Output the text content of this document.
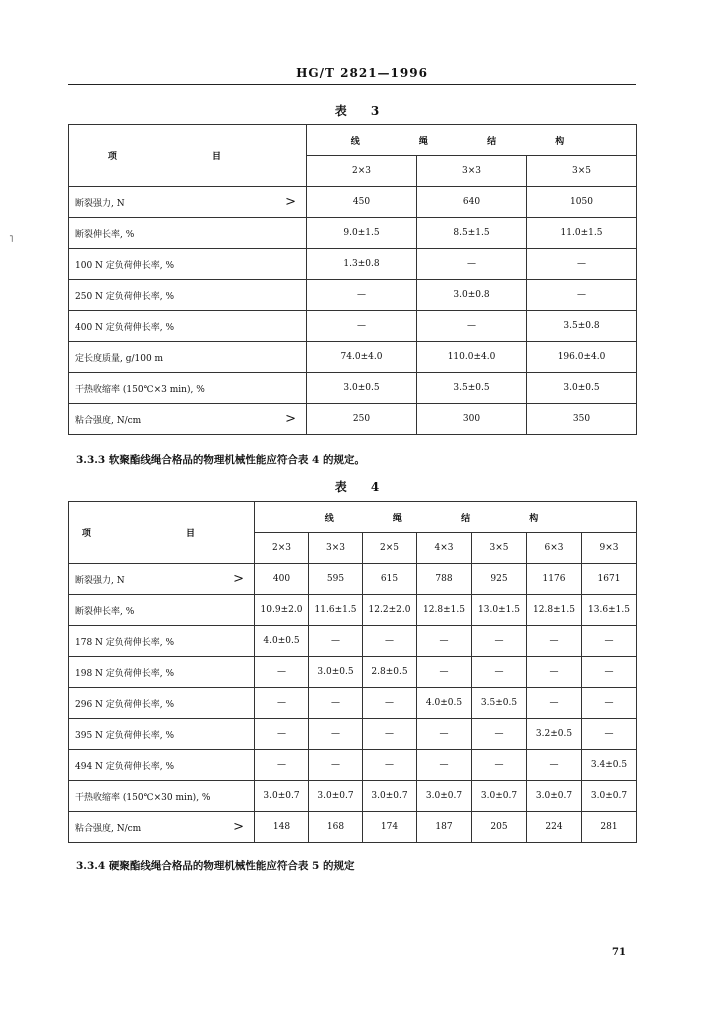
HG/T 2821—1996
˥
表 3
项 目	线 绳 结 构		
	2×3	3×3	3×5
断裂强力, N >	450	640	1050
断裂伸长率, %	9.0±1.5	8.5±1.5	11.0±1.5
100 N 定负荷伸长率, %	1.3±0.8	—	—
250 N 定负荷伸长率, %	—	3.0±0.8	—
400 N 定负荷伸长率, %	—	—	3.5±0.8
定长度质量, g/100 m	74.0±4.0	110.0±4.0	196.0±4.0
干热收缩率 (150℃×3 min), %	3.0±0.5	3.5±0.5	3.0±0.5
粘合强度, N/cm >	250	300	350
3.3.3 软聚酯线绳合格品的物理机械性能应符合表 4 的规定。
表 4
项 目	线 绳 结 构						
	2×3	3×3	2×5	4×3	3×5	6×3	9×3
断裂强力, N >	400	595	615	788	925	1176	1671
断裂伸长率, %	10.9±2.0	11.6±1.5	12.2±2.0	12.8±1.5	13.0±1.5	12.8±1.5	13.6±1.5
178 N 定负荷伸长率, %	4.0±0.5	—	—	—	—	—	—
198 N 定负荷伸长率, %	—	3.0±0.5	2.8±0.5	—	—	—	—
296 N 定负荷伸长率, %	—	—	—	4.0±0.5	3.5±0.5	—	—
395 N 定负荷伸长率, %	—	—	—	—	—	3.2±0.5	—
494 N 定负荷伸长率, %	—	—	—	—	—	—	3.4±0.5
干热收缩率 (150℃×30 min), %	3.0±0.7	3.0±0.7	3.0±0.7	3.0±0.7	3.0±0.7	3.0±0.7	3.0±0.7
粘合强度, N/cm >	148	168	174	187	205	224	281
3.3.4 硬聚酯线绳合格品的物理机械性能应符合表 5 的规定
71
